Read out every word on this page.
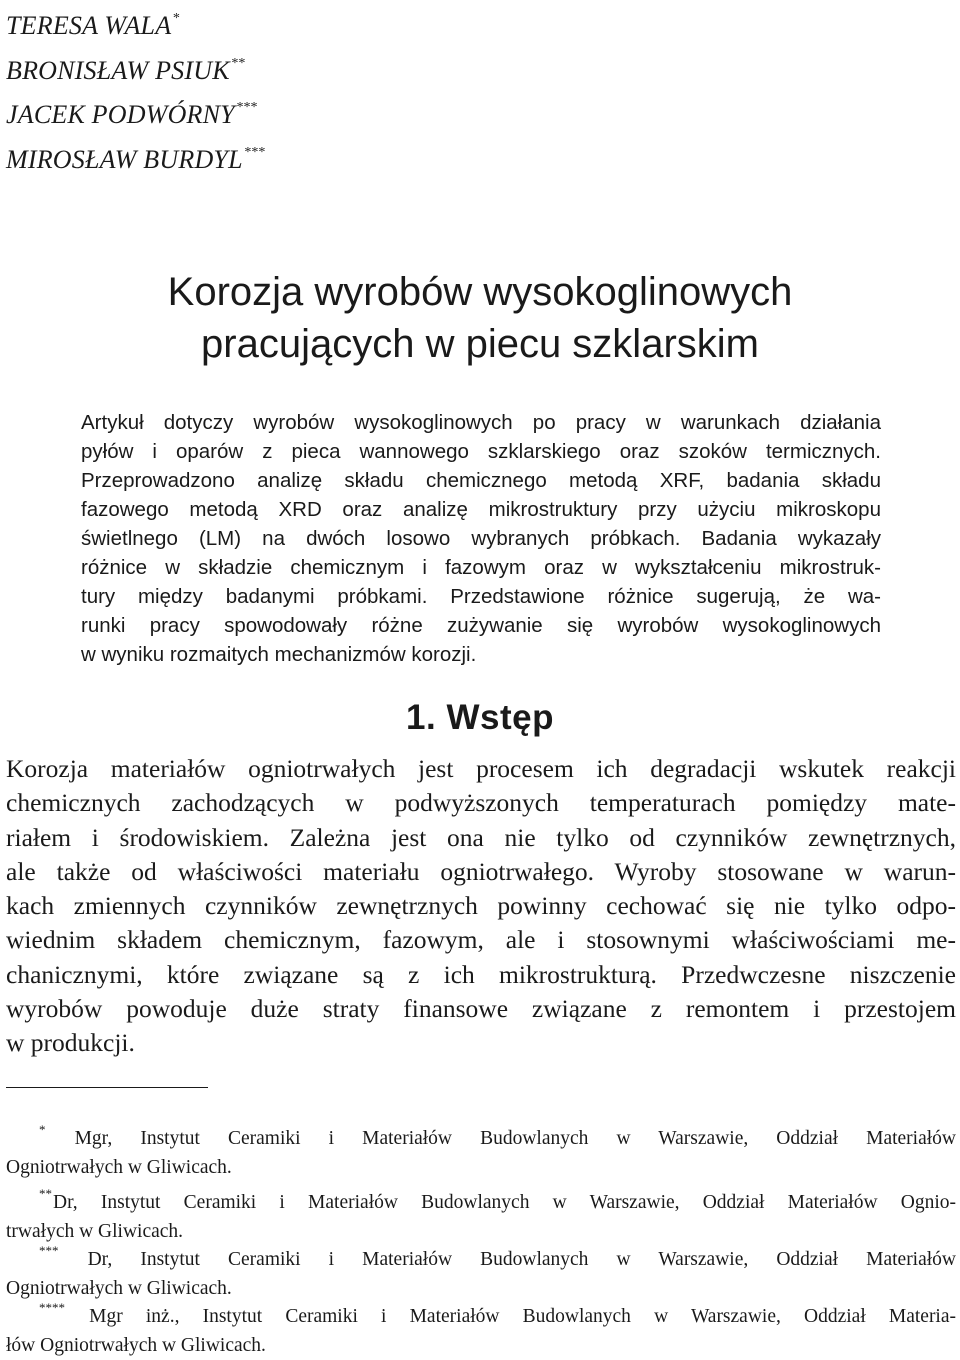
TERESA WALA*
BRONISŁAW PSIUK**
JACEK PODWÓRNY***
MIROSŁAW BURDYL***
Korozja wyrobów wysokoglinowych
pracujących w piecu szklarskim
Artykuł dotyczy wyrobów wysokoglinowych po pracy w warunkach działania
pyłów i oparów z pieca wannowego szklarskiego oraz szoków termicznych.
Przeprowadzono analizę składu chemicznego metodą XRF, badania składu
fazowego metodą XRD oraz analizę mikrostruktury przy użyciu mikroskopu
świetlnego (LM) na dwóch losowo wybranych próbkach. Badania wykazały
różnice w składzie chemicznym i fazowym oraz w wykształceniu mikrostruk-
tury między badanymi próbkami. Przedstawione różnice sugerują, że wa-
runki pracy spowodowały różne zużywanie się wyrobów wysokoglinowych
w wyniku rozmaitych mechanizmów korozji.
1. Wstęp
Korozja materiałów ogniotrwałych jest procesem ich degradacji wskutek reakcji
chemicznych zachodzących w podwyższonych temperaturach pomiędzy mate-
riałem i środowiskiem. Zależna jest ona nie tylko od czynników zewnętrznych,
ale także od właściwości materiału ogniotrwałego. Wyroby stosowane w warun-
kach zmiennych czynników zewnętrznych powinny cechować się nie tylko odpo-
wiednim składem chemicznym, fazowym, ale i stosownymi właściwościami me-
chanicznymi, które związane są z ich mikrostrukturą. Przedwczesne niszczenie
wyrobów powoduje duże straty finansowe związane z remontem i przestojem
w produkcji.
* Mgr, Instytut Ceramiki i Materiałów Budowlanych w Warszawie, Oddział Materiałów
Ogniotrwałych w Gliwicach.
**Dr, Instytut Ceramiki i Materiałów Budowlanych w Warszawie, Oddział Materiałów Ognio-
trwałych w Gliwicach.
*** Dr, Instytut Ceramiki i Materiałów Budowlanych w Warszawie, Oddział Materiałów
Ogniotrwałych w Gliwicach.
**** Mgr inż., Instytut Ceramiki i Materiałów Budowlanych w Warszawie, Oddział Materia-
łów Ogniotrwałych w Gliwicach.
